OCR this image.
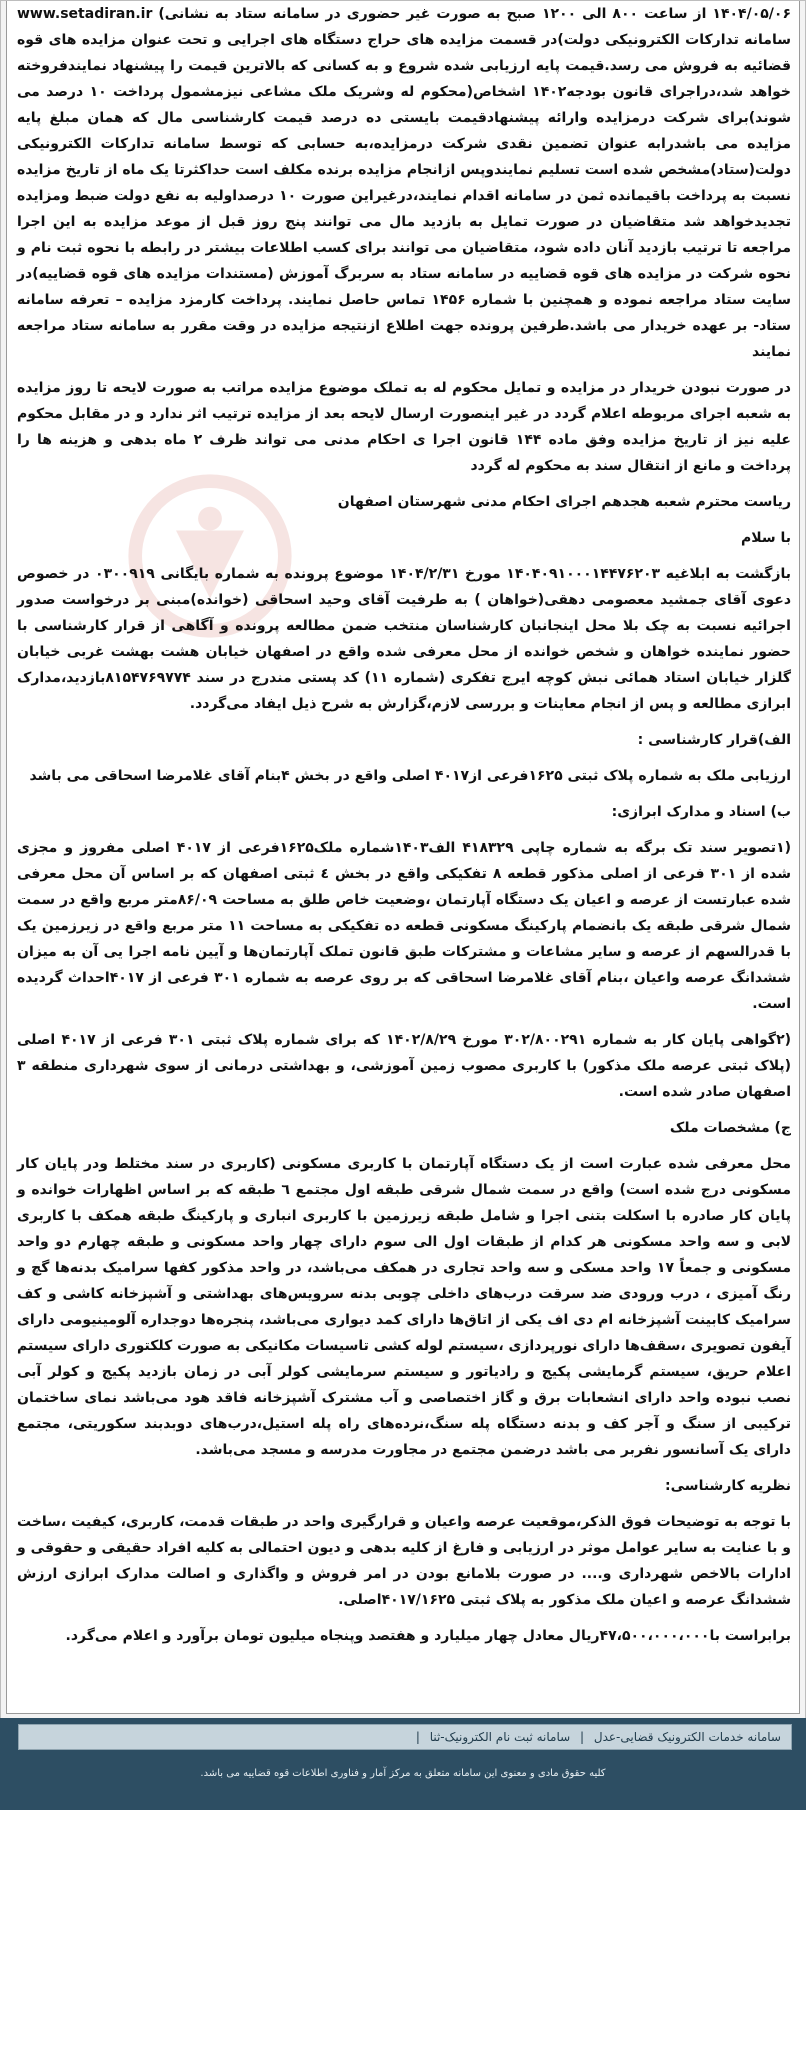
۱۴۰۴/۰۵/۰۶ از ساعت ۸۰۰ الی ۱۲۰۰ صبح به صورت غیر حضوری در سامانه ستاد به نشانی) www.setadiran.ir سامانه تدارکات الکترونیکی دولت)در قسمت مزایده های حراج دستگاه های اجرایی و تحت عنوان مزایده های قوه قضائیه به فروش می رسد.قیمت پایه ارزیابی شده شروع و به کسانی که بالاترین قیمت را پیشنهاد نمایندفروخته خواهد شد،دراجرای قانون بودجه۱۴۰۲ اشخاص(محکوم له وشریک ملک مشاعی نیزمشمول پرداخت ۱۰ درصد می شوند)برای شرکت درمزایده وارائه پیشنهادقیمت بایستی ده درصد قیمت کارشناسی مال که همان مبلغ پایه مزایده می باشدرابه عنوان تضمین نقدی شرکت درمزایده،به حسابی که توسط سامانه تدارکات الکترونیکی دولت(ستاد)مشخص شده است تسلیم نمایندوپس ازانجام مزایده برنده مکلف است حداکثرتا یک ماه از تاریخ مزایده نسبت به پرداخت باقیمانده ثمن در سامانه اقدام نمایند،درغیراین صورت ۱۰ درصداولیه به نفع دولت ضبط ومزایده تجدیدخواهد شد متقاضیان در صورت تمایل به بازدید مال می توانند پنج روز قبل از موعد مزایده به این اجرا مراجعه تا ترتیب بازدید آنان داده شود، متقاضیان می توانند برای کسب اطلاعات بیشتر در رابطه با نحوه ثبت نام و نحوه شرکت در مزایده های قوه قضاییه در سامانه ستاد به سربرگ آموزش (مستندات مزایده های قوه قضاییه)در سایت ستاد مراجعه نموده و همچنین با شماره ۱۴۵۶ تماس حاصل نمایند. پرداخت کارمزد مزایده – تعرفه سامانه ستاد- بر عهده خریدار می باشد.طرفین پرونده جهت اطلاع ازنتیجه مزایده در وقت مقرر به سامانه ستاد مراجعه نمایند

در صورت نبودن خریدار در مزایده و تمایل محکوم له به تملک موضوع مزایده مراتب به صورت لایحه تا روز مزایده به شعبه اجرای مربوطه اعلام گردد در غیر اینصورت ارسال لایحه بعد از مزایده ترتیب اثر ندارد و در مقابل محکوم علیه نیز از تاریخ مزایده وفق ماده ۱۴۴ قانون اجرا ی احکام مدنی می تواند ظرف ۲ ماه بدهی و هزینه ها را پرداخت و مانع از انتقال سند به محکوم له گردد

ریاست محترم شعبه هجدهم اجرای احکام مدنی شهرستان اصفهان

با سلام

بازگشت به ابلاغیه ۱۴۰۴۰۹۱۰۰۰۱۴۴۷۶۲۰۳ مورخ ۱۴۰۴/۲/۳۱ موضوع پرونده به شماره بایگانی ۰۳۰۰۹۱۹ در خصوص دعوی آقای جمشید معصومی دهقی(خواهان ) به طرفیت آقای وحید اسحاقی (خوانده)مبنی بر درخواست صدور اجرائیه نسبت به چک بلا محل اینجانبان کارشناسان منتخب ضمن مطالعه پرونده و آگاهی از قرار کارشناسی با حضور نماینده خواهان و شخص خوانده از محل معرفی شده واقع در اصفهان خیابان هشت بهشت غربی خیابان گلزار خیابان استاد همائی نبش کوچه ایرج تفکری (شماره ۱۱) کد پستی مندرج در سند ۸۱۵۴۷۶۹۷۷۴بازدید،مدارک ابرازی مطالعه و پس از انجام معاینات و بررسی لازم،گزارش به شرح ذیل ایفاد می‌گردد.

الف)قرار کارشناسی :

ارزیابی ملک به شماره پلاک ثبتی ۱۶۲۵فرعی از۴۰۱۷ اصلی واقع در بخش ۴بنام آقای غلامرضا اسحاقی می باشد

ب) اسناد و مدارک ابرازی:

(۱تصویر سند تک برگه به شماره چاپی ۴۱۸۳۲۹ الف۱۴۰۳شماره ملک۱۶۲۵فرعی از ۴۰۱۷ اصلی مفروز و مجزی شده از ۳۰۱ فرعی از اصلی مذکور قطعه ۸ تفکیکی واقع در بخش ٤ ثبتی اصفهان که بر اساس آن محل معرفی شده عبارتست از عرصه و اعیان یک دستگاه آپارتمان ،وضعیت خاص طلق به مساحت ۸۶/۰۹متر مربع واقع در سمت شمال شرقی طبقه یک بانضمام پارکینگ مسکونی قطعه ده تفکیکی به مساحت ۱۱ متر مربع واقع در زیرزمین یک با قدرالسهم از عرصه و سایر مشاعات و مشترکات طبق قانون تملک آپارتمان‌ها و آیین نامه اجرا یی آن به میزان ششدانگ عرصه واعیان ،بنام آقای غلامرضا اسحاقی که بر روی عرصه به شماره ۳۰۱ فرعی از ۴۰۱۷احداث گردیده است.

(۲گواهی پایان کار به شماره ۳۰۲/۸۰۰۲۹۱ مورخ ۱۴۰۲/۸/۲۹ که برای شماره پلاک ثبتی ۳۰۱ فرعی از ۴۰۱۷ اصلی (پلاک ثبتی عرصه ملک مذکور) با کاربری مصوب زمین آموزشی، و بهداشتی درمانی از سوی شهرداری منطقه ۳ اصفهان صادر شده است.

ج) مشخصات ملک

محل معرفی شده عبارت است از یک دستگاه آپارتمان با کاربری مسکونی (کاربری در سند مختلط ودر پایان کار مسکونی درج شده است) واقع در سمت شمال شرقی طبقه اول مجتمع ٦ طبقه که بر اساس اظهارات خوانده و پایان کار صادره با اسکلت بتنی اجرا و شامل طبقه زیرزمین با کاربری انباری و پارکینگ طبقه همکف با کاربری لابی و سه واحد مسکونی هر کدام از طبقات اول الی سوم دارای چهار واحد مسکونی و طبقه چهارم دو واحد مسکونی و جمعاً ۱۷ واحد مسکی و سه واحد تجاری در همکف می‌باشد، در واحد مذکور کفها سرامیک بدنه‌ها گچ و رنگ آمیزی ، درب ورودی ضد سرقت درب‌های داخلی چوبی بدنه سرویس‌های بهداشتی و آشپزخانه کاشی و کف سرامیک کابینت آشپزخانه ام دی اف یکی از اتاق‌ها دارای کمد دیواری می‌باشد، پنجره‌ها دوجداره آلومینیومی دارای آیفون تصویری ،سقف‌ها دارای نورپردازی ،سیستم لوله کشی تاسیسات مکانیکی به صورت کلکتوری دارای سیستم اعلام حریق، سیستم گرمایشی پکیج و رادیاتور و سیستم سرمایشی کولر آبی در زمان بازدید پکیج و کولر آبی نصب نبوده واحد دارای انشعابات برق و گاز اختصاصی و آب مشترک آشپزخانه فاقد هود می‌باشد نمای ساختمان ترکیبی از سنگ و آجر کف و بدنه دستگاه پله سنگ،نرده‌های راه پله استیل،درب‌های دوبدبند سکوریتی، مجتمع دارای یک آسانسور نفربر می باشد درضمن مجتمع در مجاورت مدرسه و مسجد می‌باشد.

نظریه کارشناسی:

با توجه به توضیحات فوق الذکر،موقعیت عرصه واعیان و قرارگیری واحد در طبقات قدمت، کاربری، کیفیت ،ساخت و با عنایت به سایر عوامل موثر در ارزیابی و فارغ از کلیه بدهی و دیون احتمالی به کلیه افراد حقیقی و حقوقی و ادارات بالاخص شهرداری و.... در صورت بلامانع بودن در امر فروش و واگذاری و اصالت مدارک ابرازی ارزش ششدانگ عرصه و اعیان ملک مذکور به پلاک ثبتی ۴۰۱۷/۱۶۲۵اصلی.

برابراست با۴۷،۵۰۰،۰۰۰،۰۰۰ریال معادل چهار میلیارد و هفتصد وپنجاه میلیون تومان برآورد و اعلام می‌گرد.

سامانه خدمات الکترونیک قضایی-عدل | سامانه ثبت نام الکترونیک-ثنا |
کلیه حقوق مادی و معنوی این سامانه متعلق به مرکز آمار و فناوری اطلاعات قوه قضاییه می باشد.
